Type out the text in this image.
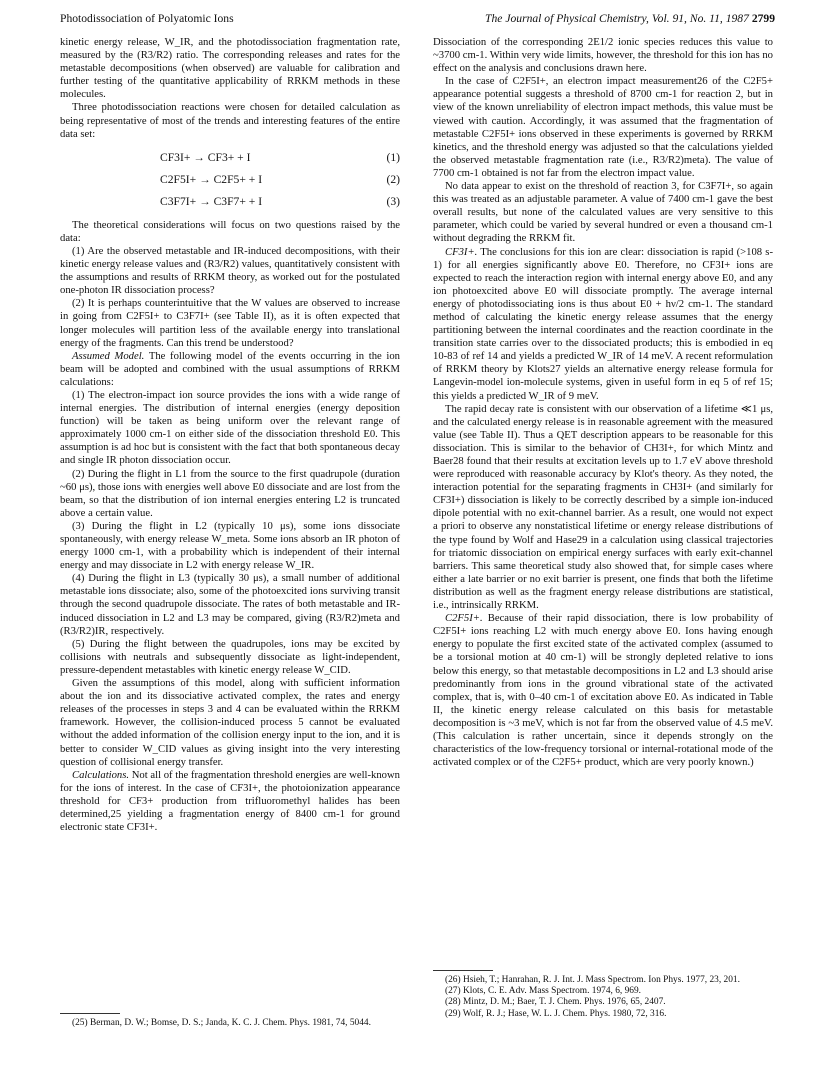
Photodissociation of Polyatomic Ions	The Journal of Physical Chemistry, Vol. 91, No. 11, 1987 2799

kinetic energy release, W_IR, and the photodissociation fragmentation rate, measured by the (R3/R2) ratio. The corresponding releases and rates for the metastable decompositions (when observed) are valuable for calibration and further testing of the quantitative applicability of RRKM methods in these molecules.

Three photodissociation reactions were chosen for detailed calculation as being representative of most of the trends and interesting features of the entire data set:

CF3I+ → CF3+ + I	(1)
C2F5I+ → C2F5+ + I	(2)
C3F7I+ → C3F7+ + I	(3)

The theoretical considerations will focus on two questions raised by the data:

(1) Are the observed metastable and IR-induced decompositions, with their kinetic energy release values and (R3/R2) values, quantitatively consistent with the assumptions and results of RRKM theory, as worked out for the postulated one-photon IR dissociation process?

(2) It is perhaps counterintuitive that the W values are observed to increase in going from C2F5I+ to C3F7I+ (see Table II), as it is often expected that longer molecules will partition less of the available energy into translational energy of the fragments. Can this trend be understood?

Assumed Model. The following model of the events occurring in the ion beam will be adopted and combined with the usual assumptions of RRKM calculations:

(1) The electron-impact ion source provides the ions with a wide range of internal energies. The distribution of internal energies (energy deposition function) will be taken as being uniform over the relevant range of approximately 1000 cm-1 on either side of the dissociation threshold E0. This assumption is ad hoc but is consistent with the fact that both spontaneous decay and single IR photon dissociation occur.

(2) During the flight in L1 from the source to the first quadrupole (duration ~60 μs), those ions with energies well above E0 dissociate and are lost from the beam, so that the distribution of ion internal energies entering L2 is truncated above a certain value.

(3) During the flight in L2 (typically 10 μs), some ions dissociate spontaneously, with energy release W_meta. Some ions absorb an IR photon of energy 1000 cm-1, with a probability which is independent of their internal energy and may dissociate in L2 with energy release W_IR.

(4) During the flight in L3 (typically 30 μs), a small number of additional metastable ions dissociate; also, some of the photoexcited ions surviving transit through the second quadrupole dissociate. The rates of both metastable and IR-induced dissociation in L2 and L3 may be compared, giving (R3/R2)meta and (R3/R2)IR, respectively.

(5) During the flight between the quadrupoles, ions may be excited by collisions with neutrals and subsequently dissociate as light-independent, pressure-dependent metastables with kinetic energy release W_CID.

Given the assumptions of this model, along with sufficient information about the ion and its dissociative activated complex, the rates and energy releases of the processes in steps 3 and 4 can be evaluated within the RRKM framework. However, the collision-induced process 5 cannot be evaluated without the added information of the collision energy input to the ion, and it is better to consider W_CID values as giving insight into the very interesting question of collisional energy transfer.

Calculations. Not all of the fragmentation threshold energies are well-known for the ions of interest. In the case of CF3I+, the photoionization appearance threshold for CF3+ production from trifluoromethyl halides has been determined,25 yielding a fragmentation energy of 8400 cm-1 for ground electronic state CF3I+.

(25) Berman, D. W.; Bomse, D. S.; Janda, K. C. J. Chem. Phys. 1981, 74, 5044.

Dissociation of the corresponding 2E1/2 ionic species reduces this value to ~3700 cm-1. Within very wide limits, however, the threshold for this ion has no effect on the analysis and conclusions drawn here.

In the case of C2F5I+, an electron impact measurement26 of the C2F5+ appearance potential suggests a threshold of 8700 cm-1 for reaction 2, but in view of the known unreliability of electron impact methods, this value must be viewed with caution. Accordingly, it was assumed that the fragmentation of metastable C2F5I+ ions observed in these experiments is governed by RRKM kinetics, and the threshold energy was adjusted so that the calculations yielded the observed metastable fragmentation rate (i.e., R3/R2)meta). The value of 7700 cm-1 obtained is not far from the electron impact value.

No data appear to exist on the threshold of reaction 3, for C3F7I+, so again this was treated as an adjustable parameter. A value of 7400 cm-1 gave the best overall results, but none of the calculated values are very sensitive to this parameter, which could be varied by several hundred or even a thousand cm-1 without degrading the RRKM fit.

CF3I+. The conclusions for this ion are clear: dissociation is rapid (>108 s-1) for all energies significantly above E0. Therefore, no CF3I+ ions are expected to reach the interaction region with internal energy above E0, and any ion photoexcited above E0 will dissociate promptly. The average internal energy of photodissociating ions is thus about E0 + hν/2 cm-1. The standard method of calculating the kinetic energy release assumes that the energy partitioning between the internal coordinates and the reaction coordinate in the transition state carries over to the dissociated products; this is embodied in eq 10-83 of ref 14 and yields a predicted W_IR of 14 meV. A recent reformulation of RRKM theory by Klots27 yields an alternative energy release formula for Langevin-model ion-molecule systems, given in useful form in eq 5 of ref 15; this yields a predicted W_IR of 9 meV.

The rapid decay rate is consistent with our observation of a lifetime ≪1 μs, and the calculated energy release is in reasonable agreement with the measured value (see Table II). Thus a QET description appears to be reasonable for this dissociation. This is similar to the behavior of CH3I+, for which Mintz and Baer28 found that their results at excitation levels up to 1.7 eV above threshold were reproduced with reasonable accuracy by Klot's theory. As they noted, the interaction potential for the separating fragments in CH3I+ (and similarly for CF3I+) dissociation is likely to be correctly described by a simple ion-induced dipole potential with no exit-channel barrier. As a result, one would not expect a priori to observe any nonstatistical lifetime or energy release distributions of the type found by Wolf and Hase29 in a calculation using classical trajectories for triatomic dissociation on empirical energy surfaces with early exit-channel barriers. This same theoretical study also showed that, for simple cases where either a late barrier or no exit barrier is present, one finds that both the lifetime distribution as well as the fragment energy release distributions are statistical, i.e., intrinsically RRKM.

C2F5I+. Because of their rapid dissociation, there is low probability of C2F5I+ ions reaching L2 with much energy above E0. Ions having enough energy to populate the first excited state of the activated complex (assumed to be a torsional motion at 40 cm-1) will be strongly depleted relative to ions below this energy, so that metastable decompositions in L2 and L3 should arise predominantly from ions in the ground vibrational state of the activated complex, that is, with 0–40 cm-1 of excitation above E0. As indicated in Table II, the kinetic energy release calculated on this basis for metastable decomposition is ~3 meV, which is not far from the observed value of 4.5 meV. (This calculation is rather uncertain, since it depends strongly on the characteristics of the low-frequency torsional or internal-rotational mode of the activated complex or of the C2F5+ product, which are very poorly known.)

(26) Hsieh, T.; Hanrahan, R. J. Int. J. Mass Spectrom. Ion Phys. 1977, 23, 201.

(27) Klots, C. E. Adv. Mass Spectrom. 1974, 6, 969.

(28) Mintz, D. M.; Baer, T. J. Chem. Phys. 1976, 65, 2407.

(29) Wolf, R. J.; Hase, W. L. J. Chem. Phys. 1980, 72, 316.
